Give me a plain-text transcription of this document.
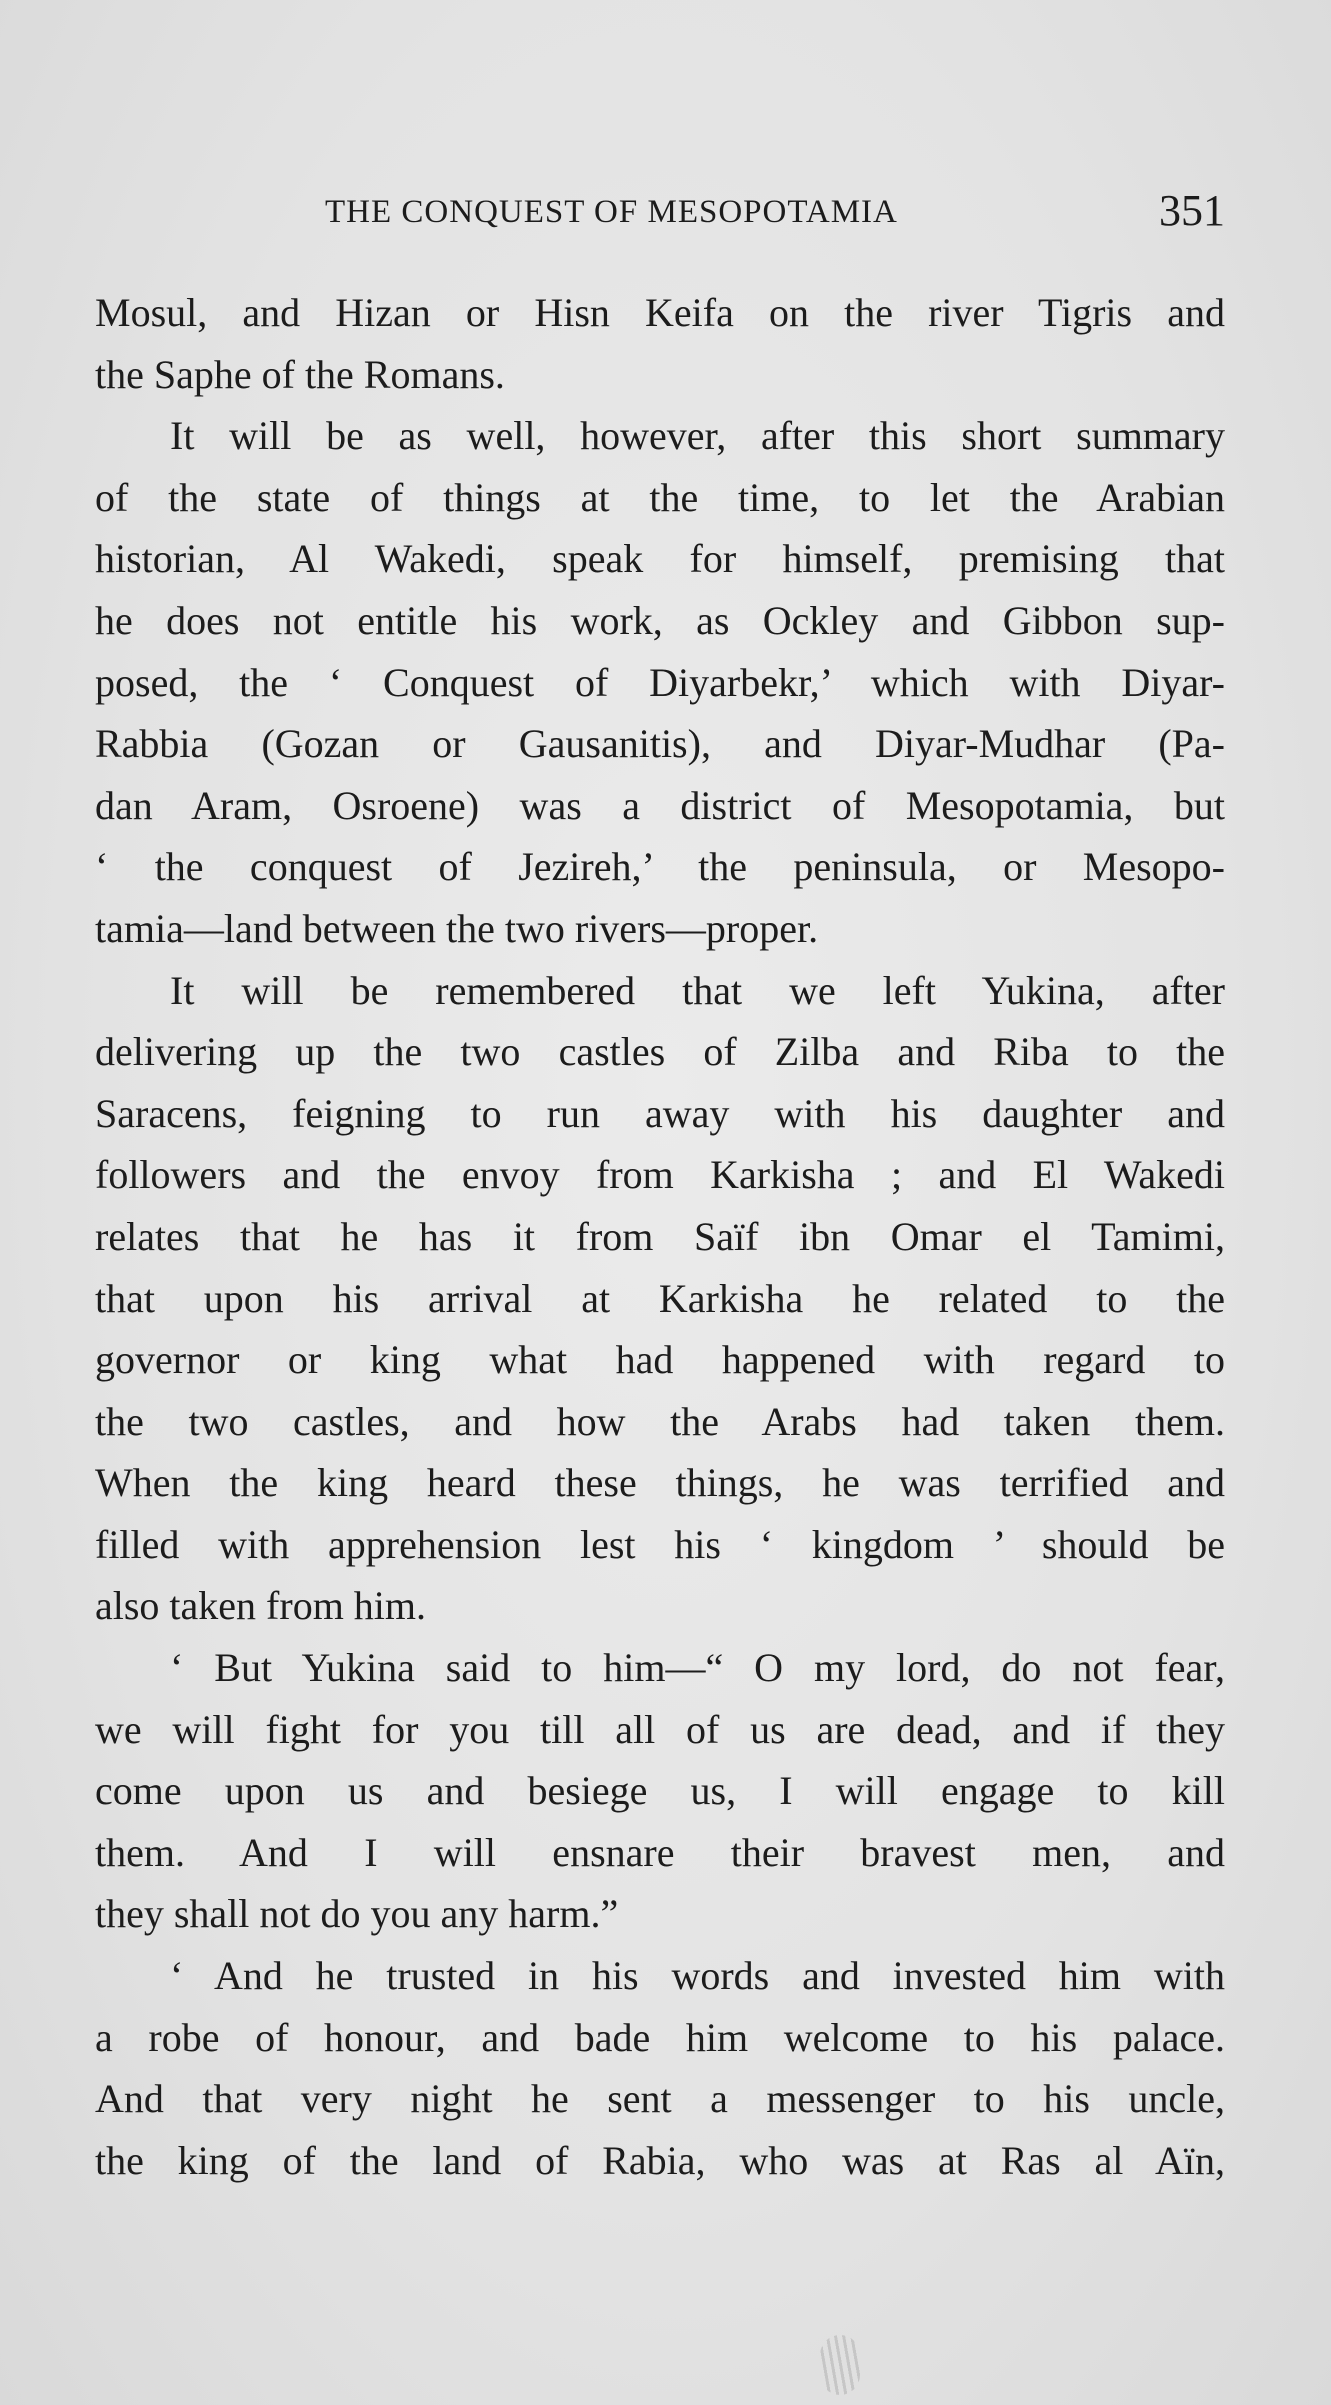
THE CONQUEST OF MESOPOTAMIA	351
Mosul, and Hizan or Hisn Keifa on the river Tigris and
the Saphe of the Romans.
It will be as well, however, after this short summary
of the state of things at the time, to let the Arabian
historian, Al Wakedi, speak for himself, premising that
he does not entitle his work, as Ockley and Gibbon sup-
posed, the ‘ Conquest of Diyarbekr,’ which with Diyar-
Rabbia (Gozan or Gausanitis), and Diyar-Mudhar (Pa-
dan Aram, Osroene) was a district of Mesopotamia, but
‘ the conquest of Jezireh,’ the peninsula, or Mesopo-
tamia—land between the two rivers—proper.
It will be remembered that we left Yukina, after
delivering up the two castles of Zilba and Riba to the
Saracens, feigning to run away with his daughter and
followers and the envoy from Karkisha ; and El Wakedi
relates that he has it from Saïf ibn Omar el Tamimi,
that upon his arrival at Karkisha he related to the
governor or king what had happened with regard to
the two castles, and how the Arabs had taken them.
When the king heard these things, he was terrified and
filled with apprehension lest his ‘ kingdom ’ should be
also taken from him.
‘ But Yukina said to him—“ O my lord, do not fear,
we will fight for you till all of us are dead, and if they
come upon us and besiege us, I will engage to kill
them. And I will ensnare their bravest men, and
they shall not do you any harm.”
‘ And he trusted in his words and invested him with
a robe of honour, and bade him welcome to his palace.
And that very night he sent a messenger to his uncle,
the king of the land of Rabia, who was at Ras al Aïn,
